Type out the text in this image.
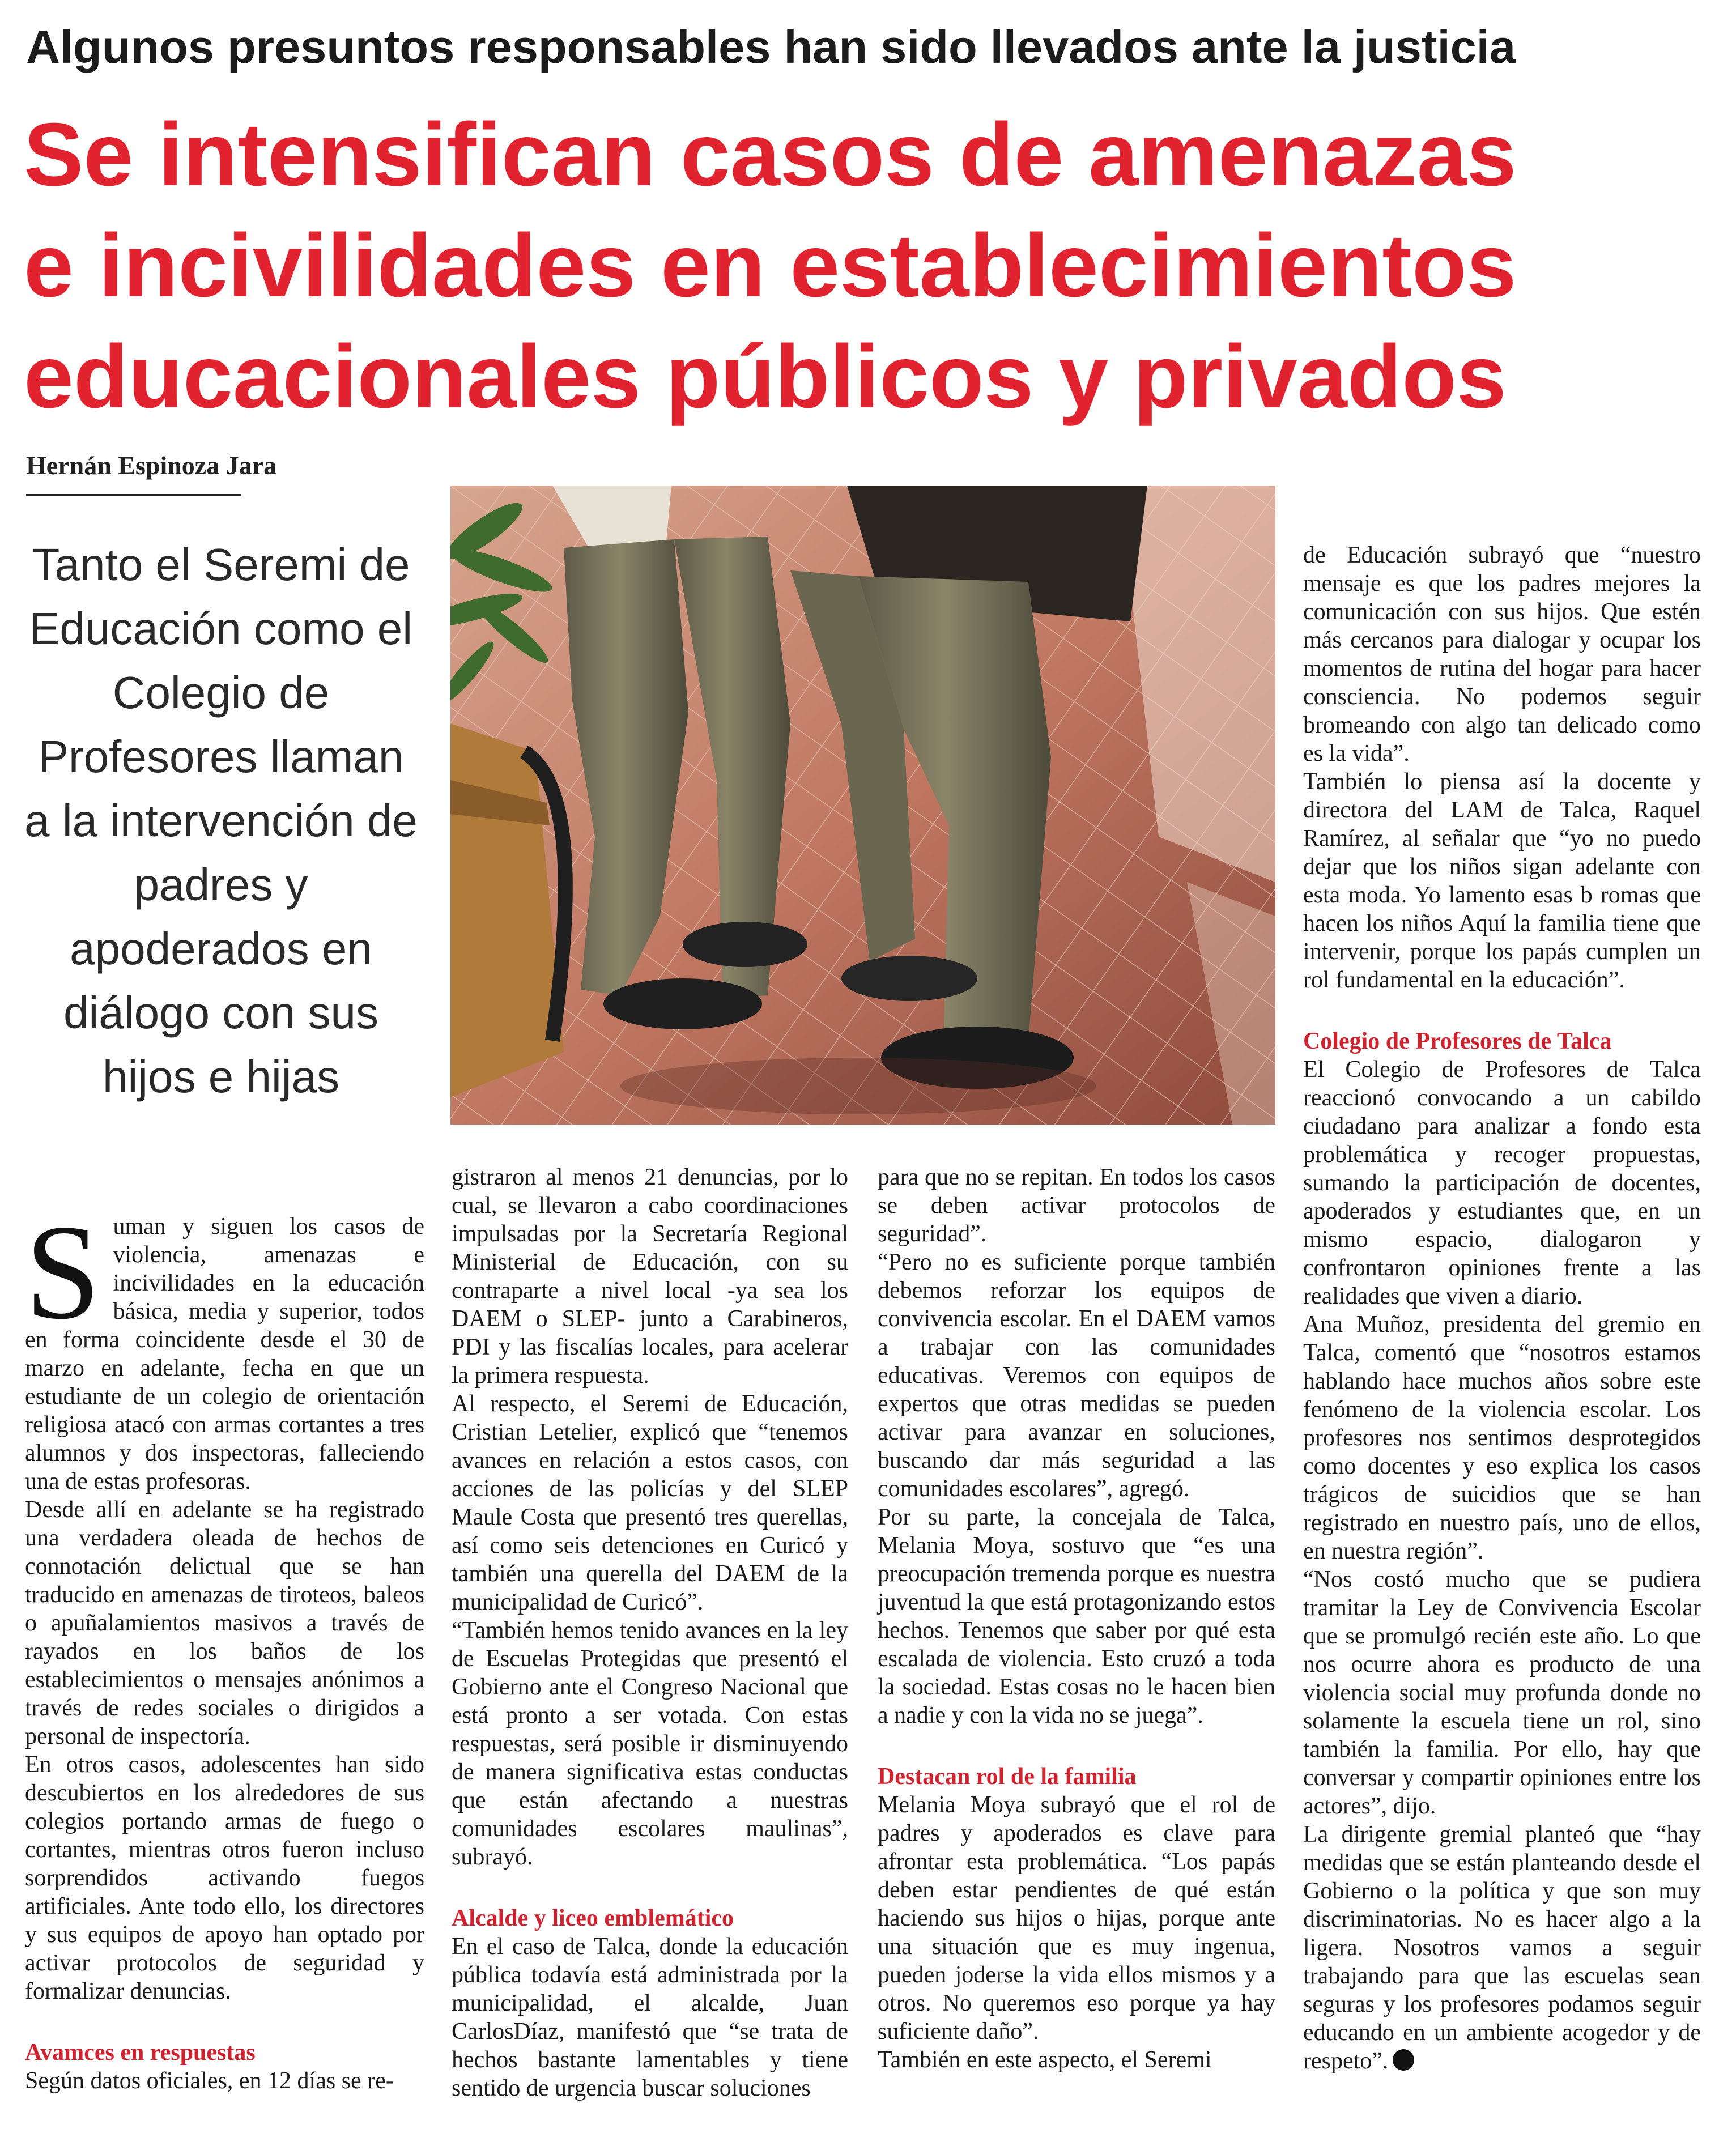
Algunos presuntos responsables han sido llevados ante la justicia
Se intensifican casos de amenazas
e incivilidades en establecimientos
educacionales públicos y privados
Hernán Espinoza Jara
Tanto el Seremi de Educación como el Colegio de Profesores llaman a la intervención de padres y apoderados en diálogo con sus hijos e hijas
S uman y siguen los casos de violencia, amenazas e incivilidades en la educación básica, media y superior, todos en forma coincidente desde el 30 de marzo en adelante, fecha en que un estudiante de un colegio de orientación religiosa atacó con armas cortantes a tres alumnos y dos inspectoras, falleciendo una de estas profesoras.

Desde allí en adelante se ha registrado una verdadera oleada de hechos de connotación delictual que se han traducido en amenazas de tiroteos, baleos o apuñalamientos masivos a través de rayados en los baños de los establecimientos o mensajes anónimos a través de redes sociales o dirigidos a personal de inspectoría.

En otros casos, adolescentes han sido descubiertos en los alrededores de sus colegios portando armas de fuego o cortantes, mientras otros fueron incluso sorprendidos activando fuegos artificiales. Ante todo ello, los directores y sus equipos de apoyo han optado por activar protocolos de seguridad y formalizar denuncias.

Avamces en respuestas

Según datos oficiales, en 12 días se re-

gistraron al menos 21 denuncias, por lo cual, se llevaron a cabo coordinaciones impulsadas por la Secretaría Regional Ministerial de Educación, con su contraparte a nivel local -ya sea los DAEM o SLEP- junto a Carabineros, PDI y las fiscalías locales, para acelerar la primera respuesta.

Al respecto, el Seremi de Educación, Cristian Letelier, explicó que “tenemos avances en relación a estos casos, con acciones de las policías y del SLEP Maule Costa que presentó tres querellas, así como seis detenciones en Curicó y también una querella del DAEM de la municipalidad de Curicó”.

“También hemos tenido avances en la ley de Escuelas Protegidas que presentó el Gobierno ante el Congreso Nacional que está pronto a ser votada. Con estas respuestas, será posible ir disminuyendo de manera significativa estas conductas que están afectando a nuestras comunidades escolares maulinas”, subrayó.

Alcalde y liceo emblemático

En el caso de Talca, donde la educación pública todavía está administrada por la municipalidad, el alcalde, Juan CarlosDíaz, manifestó que “se trata de hechos bastante lamentables y tiene sentido de urgencia buscar soluciones

para que no se repitan. En todos los casos se deben activar protocolos de seguridad”.

“Pero no es suficiente porque también debemos reforzar los equipos de convivencia escolar. En el DAEM vamos a trabajar con las comunidades educativas. Veremos con equipos de expertos que otras medidas se pueden activar para avanzar en soluciones, buscando dar más seguridad a las comunidades escolares”, agregó.

Por su parte, la concejala de Talca, Melania Moya, sostuvo que “es una preocupación tremenda porque es nuestra juventud la que está protagonizando estos hechos. Tenemos que saber por qué esta escalada de violencia. Esto cruzó a toda la sociedad. Estas cosas no le hacen bien a nadie y con la vida no se juega”.

Destacan rol de la familia

Melania Moya subrayó que el rol de padres y apoderados es clave para afrontar esta problemática. “Los papás deben estar pendientes de qué están haciendo sus hijos o hijas, porque ante una situación que es muy ingenua, pueden joderse la vida ellos mismos y a otros. No queremos eso porque ya hay suficiente daño”.

También en este aspecto, el Seremi

de Educación subrayó que “nuestro mensaje es que los padres mejores la comunicación con sus hijos. Que estén más cercanos para dialogar y ocupar los momentos de rutina del hogar para hacer consciencia. No podemos seguir bromeando con algo tan delicado como es la vida”.

También lo piensa así la docente y directora del LAM de Talca, Raquel Ramírez, al señalar que “yo no puedo dejar que los niños sigan adelante con esta moda. Yo lamento esas b romas que hacen los niños Aquí la familia tiene que intervenir, porque los papás cumplen un rol fundamental en la educación”.

Colegio de Profesores de Talca

El Colegio de Profesores de Talca reaccionó convocando a un cabildo ciudadano para analizar a fondo esta problemática y recoger propuestas, sumando la participación de docentes, apoderados y estudiantes que, en un mismo espacio, dialogaron y confrontaron opiniones frente a las realidades que viven a diario.

Ana Muñoz, presidenta del gremio en Talca, comentó que “nosotros estamos hablando hace muchos años sobre este fenómeno de la violencia escolar. Los profesores nos sentimos desprotegidos como docentes y eso explica los casos trágicos de suicidios que se han registrado en nuestro país, uno de ellos, en nuestra región”.

“Nos costó mucho que se pudiera tramitar la Ley de Convivencia Escolar que se promulgó recién este año. Lo que nos ocurre ahora es producto de una violencia social muy profunda donde no solamente la escuela tiene un rol, sino también la familia. Por ello, hay que conversar y compartir opiniones entre los actores”, dijo.

La dirigente gremial planteó que “hay medidas que se están planteando desde el Gobierno o la política y que son muy discriminatorias. No es hacer algo a la ligera. Nosotros vamos a seguir trabajando para que las escuelas sean seguras y los profesores podamos seguir educando en un ambiente acogedor y de respeto”.
